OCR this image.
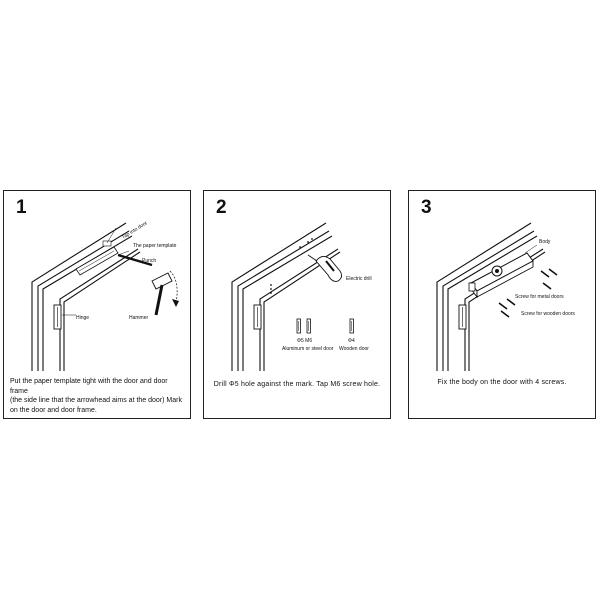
1
Tap into door
The paper template
Punch
Hinge	Hammer
Put the paper template tight with the door and door frame
(the side line that the arrowhead aims at the door) Mark
on the door and door frame.
2
Electric drill
Φ5 M6
Aluminum or steel door
Φ4
Wooden door
Drill Φ5 hole against the mark. Tap M6 screw hole.
3
Body
Screw for metal doors
Screw for wooden doors
Fix the body on the door with 4 screws.
